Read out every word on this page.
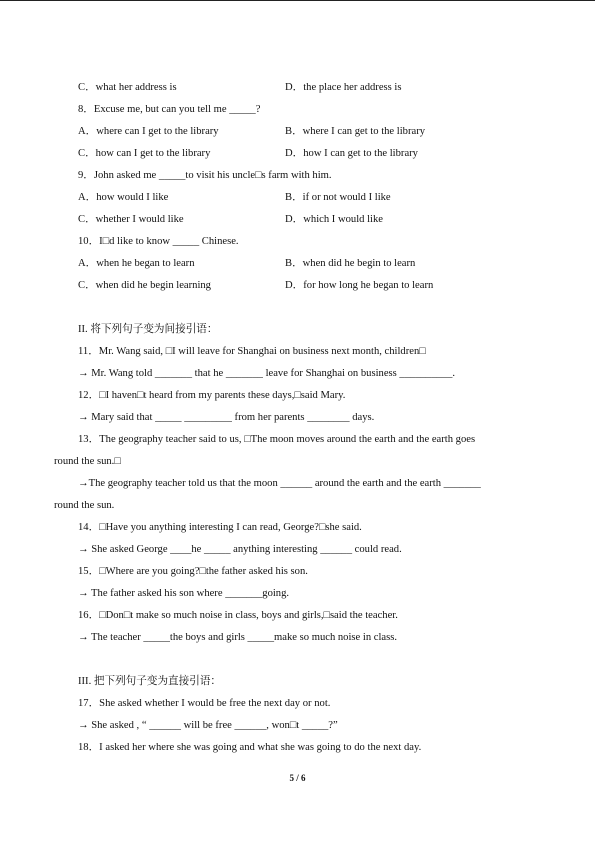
C．what her address is	D．the place her address is
8．Excuse me, but can you tell me _____?
A．where can I get to the library	B．where I can get to the library
C．how can I get to the library	D．how I can get to the library
9．John asked me _____to visit his uncle□s farm with him.
A．how would I like	B．if or not would I like
C．whether I would like	D．which I would like
10．I□d like to know _____ Chinese.
A．when he began to learn	B．when did he begin to learn
C．when did he begin learning	D．for how long he began to learn
II. 将下列句子变为间接引语：
11．Mr. Wang said, □I will leave for Shanghai on business next month, children□
→ Mr. Wang told _______ that he _______ leave for Shanghai on business __________.
12．□I haven□t heard from my parents these days,□said Mary.
→ Mary said that _____ _________ from her parents ________ days.
13．The geography teacher said to us, □The moon moves around the earth and the earth goes
round the sun.□
→The geography teacher told us that the moon ______ around the earth and the earth _______
round the sun.
14．□Have you anything interesting I can read, George?□she said.
→ She asked George ____he _____ anything interesting ______ could read.
15．□Where are you going?□the father asked his son.
→ The father asked his son where _______going.
16．□Don□t make so much noise in class, boys and girls,□said the teacher.
→ The teacher _____the boys and girls _____make so much noise in class.
III. 把下列句子变为直接引语：
17．She asked whether I would be free the next day or not.
→ She asked , “ ______ will be free ______, won□t _____?”
18．I asked her where she was going and what she was going to do the next day.
5 / 6
